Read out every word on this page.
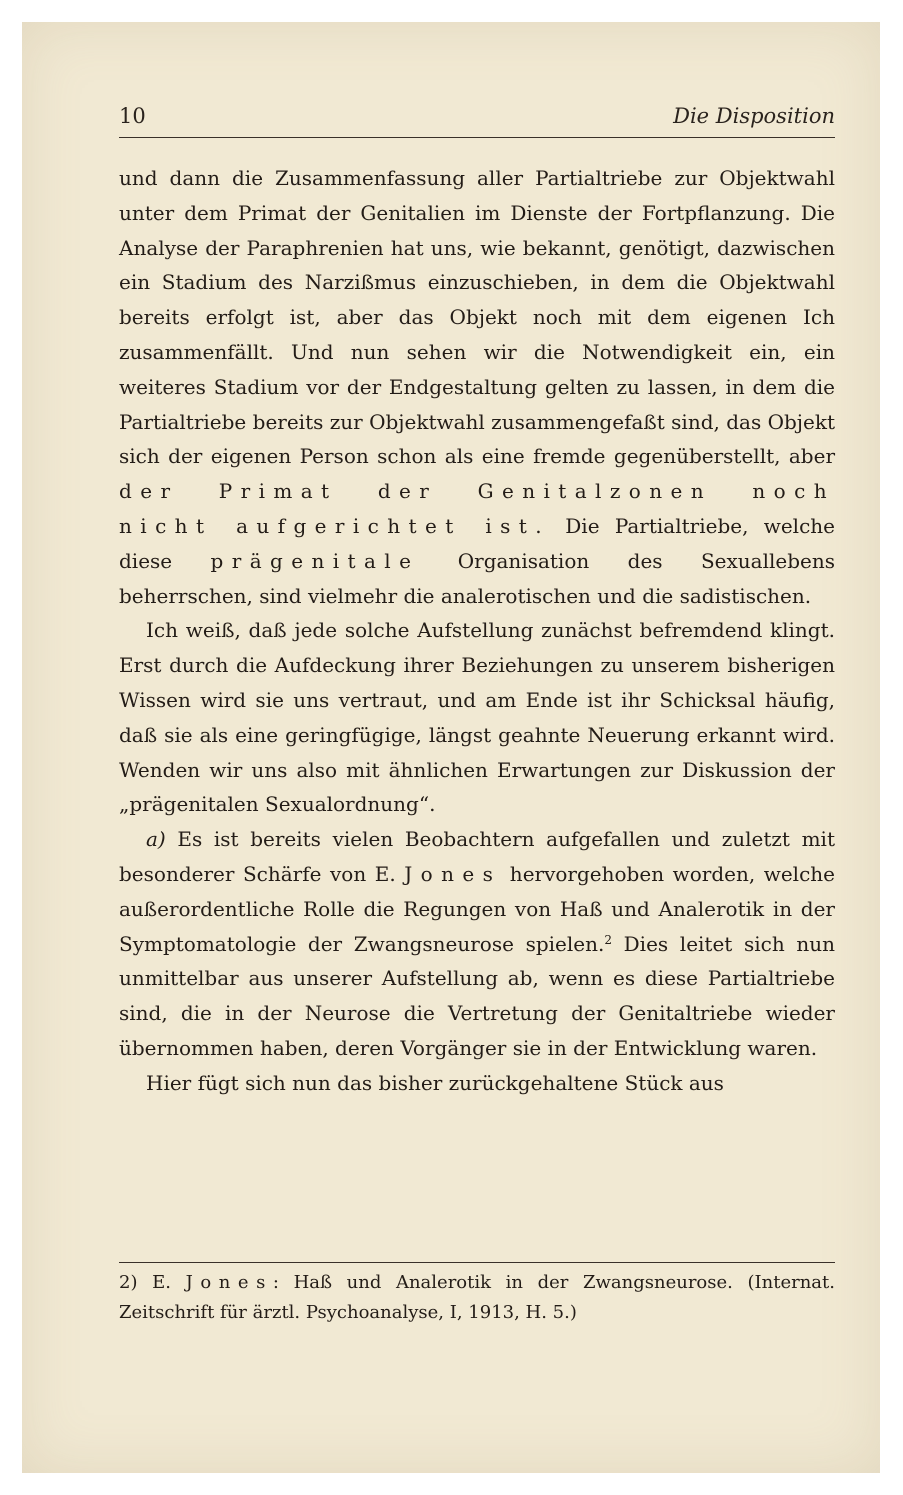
10	Die Disposition

und dann die Zusammenfassung aller Partialtriebe zur Objektwahl unter dem Primat der Genitalien im Dienste der Fortpflanzung. Die Analyse der Paraphrenien hat uns, wie bekannt, genötigt, dazwischen ein Stadium des Narzißmus einzuschieben, in dem die Objektwahl bereits erfolgt ist, aber das Objekt noch mit dem eigenen Ich zusammenfällt. Und nun sehen wir die Notwendigkeit ein, ein weiteres Stadium vor der Endgestaltung gelten zu lassen, in dem die Partialtriebe bereits zur Objektwahl zusammengefaßt sind, das Objekt sich der eigenen Person schon als eine fremde gegenüberstellt, aber der Primat der Genitalzonen noch nicht aufgerichtet ist. Die Partialtriebe, welche diese prägenitale Organisation des Sexuallebens beherrschen, sind vielmehr die analerotischen und die sadistischen.

Ich weiß, daß jede solche Aufstellung zunächst befremdend klingt. Erst durch die Aufdeckung ihrer Beziehungen zu unserem bisherigen Wissen wird sie uns vertraut, und am Ende ist ihr Schicksal häufig, daß sie als eine geringfügige, längst geahnte Neuerung erkannt wird. Wenden wir uns also mit ähnlichen Erwartungen zur Diskussion der „prägenitalen Sexualordnung“.

a) Es ist bereits vielen Beobachtern aufgefallen und zuletzt mit besonderer Schärfe von E. Jones hervorgehoben worden, welche außerordentliche Rolle die Regungen von Haß und Analerotik in der Symptomatologie der Zwangsneurose spielen.$^2$ Dies leitet sich nun unmittelbar aus unserer Aufstellung ab, wenn es diese Partialtriebe sind, die in der Neurose die Vertretung der Genitaltriebe wieder übernommen haben, deren Vorgänger sie in der Entwicklung waren.

Hier fügt sich nun das bisher zurückgehaltene Stück aus

2) E. Jones: Haß und Analerotik in der Zwangsneurose. (Internat. Zeitschrift für ärztl. Psychoanalyse, I, 1913, H. 5.)
